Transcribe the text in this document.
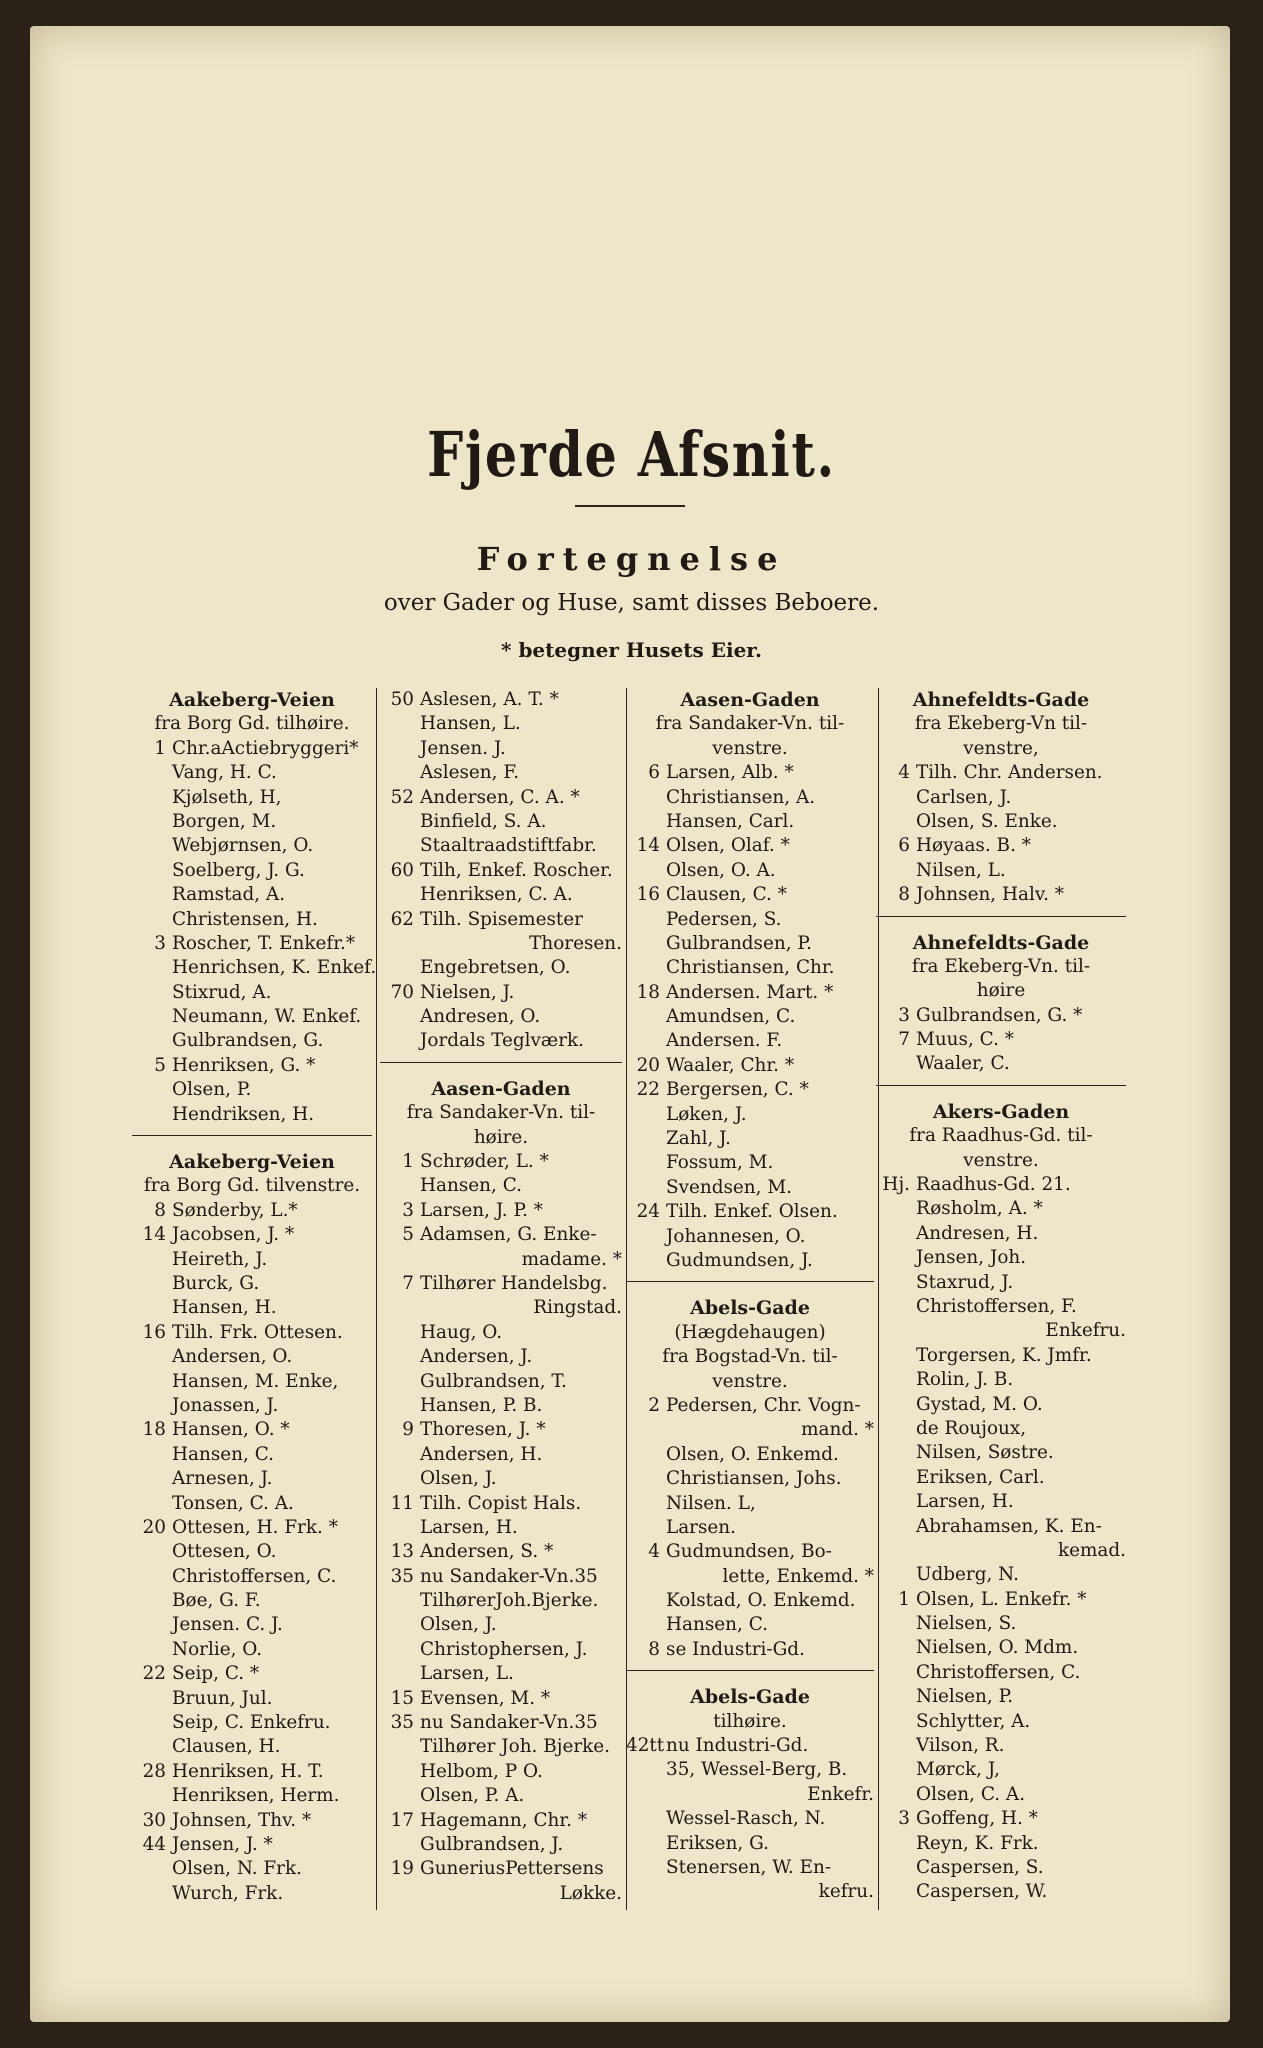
Fjerde Afsnit.
Fortegnelse
over Gader og Huse, samt disses Beboere.
* betegner Husets Eier.
Aakeberg-Veien
fra Borg Gd. tilhøire.
1 Chr.aActiebryggeri*
Vang, H. C.
Kjølseth, H,
Borgen, M.
Webjørnsen, O.
Soelberg, J. G.
Ramstad, A.
Christensen, H.
3 Roscher, T. Enkefr.*
Henrichsen, K. Enkef.
Stixrud, A.
Neumann, W. Enkef.
Gulbrandsen, G.
5 Henriksen, G. *
Olsen, P.
Hendriksen, H.
Aakeberg-Veien
fra Borg Gd. tilvenstre.
8 Sønderby, L.*
14 Jacobsen, J. *
Heireth, J.
Burck, G.
Hansen, H.
16 Tilh. Frk. Ottesen.
Andersen, O.
Hansen, M. Enke,
Jonassen, J.
18 Hansen, O. *
Hansen, C.
Arnesen, J.
Tonsen, C. A.
20 Ottesen, H. Frk. *
Ottesen, O.
Christoffersen, C.
Bøe, G. F.
Jensen. C. J.
Norlie, O.
22 Seip, C. *
Bruun, Jul.
Seip, C. Enkefru.
Clausen, H.
28 Henriksen, H. T.
Henriksen, Herm.
30 Johnsen, Thv. *
44 Jensen, J. *
Olsen, N. Frk.
Wurch, Frk.
50 Aslesen, A. T. *
Hansen, L.
Jensen. J.
Aslesen, F.
52 Andersen, C. A. *
Binfield, S. A.
Staaltraadstiftfabr.
60 Tilh, Enkef. Roscher.
Henriksen, C. A.
62 Tilh. Spisemester
Thoresen.
Engebretsen, O.
70 Nielsen, J.
Andresen, O.
Jordals Teglværk.
Aasen-Gaden
fra Sandaker-Vn. til-
høire.
1 Schrøder, L. *
Hansen, C.
3 Larsen, J. P. *
5 Adamsen, G. Enke-
madame. *
7 Tilhører Handelsbg.
Ringstad.
Haug, O.
Andersen, J.
Gulbrandsen, T.
Hansen, P. B.
9 Thoresen, J. *
Andersen, H.
Olsen, J.
11 Tilh. Copist Hals.
Larsen, H.
13 Andersen, S. *
35 nu Sandaker-Vn.35
TilhørerJoh.Bjerke.
Olsen, J.
Christophersen, J.
Larsen, L.
15 Evensen, M. *
35 nu Sandaker-Vn.35
Tilhører Joh. Bjerke.
Helbom, P O.
Olsen, P. A.
17 Hagemann, Chr. *
Gulbrandsen, J.
19 GuneriusPettersens
Løkke.
Aasen-Gaden
fra Sandaker-Vn. til-
venstre.
6 Larsen, Alb. *
Christiansen, A.
Hansen, Carl.
14 Olsen, Olaf. *
Olsen, O. A.
16 Clausen, C. *
Pedersen, S.
Gulbrandsen, P.
Christiansen, Chr.
18 Andersen. Mart. *
Amundsen, C.
Andersen. F.
20 Waaler, Chr. *
22 Bergersen, C. *
Løken, J.
Zahl, J.
Fossum, M.
Svendsen, M.
24 Tilh. Enkef. Olsen.
Johannesen, O.
Gudmundsen, J.
Abels-Gade
(Hægdehaugen)
fra Bogstad-Vn. til-
venstre.
2 Pedersen, Chr. Vogn-
mand. *
Olsen, O. Enkemd.
Christiansen, Johs.
Nilsen. L,
Larsen.
4 Gudmundsen, Bo-
lette, Enkemd. *
Kolstad, O. Enkemd.
Hansen, C.
8 se Industri-Gd.
Abels-Gade
tilhøire.
42tt nu Industri-Gd.
35, Wessel-Berg, B.
Enkefr.
Wessel-Rasch, N.
Eriksen, G.
Stenersen, W. En-
kefru.
Ahnefeldts-Gade
fra Ekeberg-Vn til-
venstre,
4 Tilh. Chr. Andersen.
Carlsen, J.
Olsen, S. Enke.
6 Høyaas. B. *
Nilsen, L.
8 Johnsen, Halv. *
Ahnefeldts-Gade
fra Ekeberg-Vn. til-
høire
3 Gulbrandsen, G. *
7 Muus, C. *
Waaler, C.
Akers-Gaden
fra Raadhus-Gd. til-
venstre.
Hj. Raadhus-Gd. 21.
Røsholm, A. *
Andresen, H.
Jensen, Joh.
Staxrud, J.
Christoffersen, F.
Enkefru.
Torgersen, K. Jmfr.
Rolin, J. B.
Gystad, M. O.
de Roujoux,
Nilsen, Søstre.
Eriksen, Carl.
Larsen, H.
Abrahamsen, K. En-
kemad.
Udberg, N.
1 Olsen, L. Enkefr. *
Nielsen, S.
Nielsen, O. Mdm.
Christoffersen, C.
Nielsen, P.
Schlytter, A.
Vilson, R.
Mørck, J,
Olsen, C. A.
3 Goffeng, H. *
Reyn, K. Frk.
Caspersen, S.
Caspersen, W.
